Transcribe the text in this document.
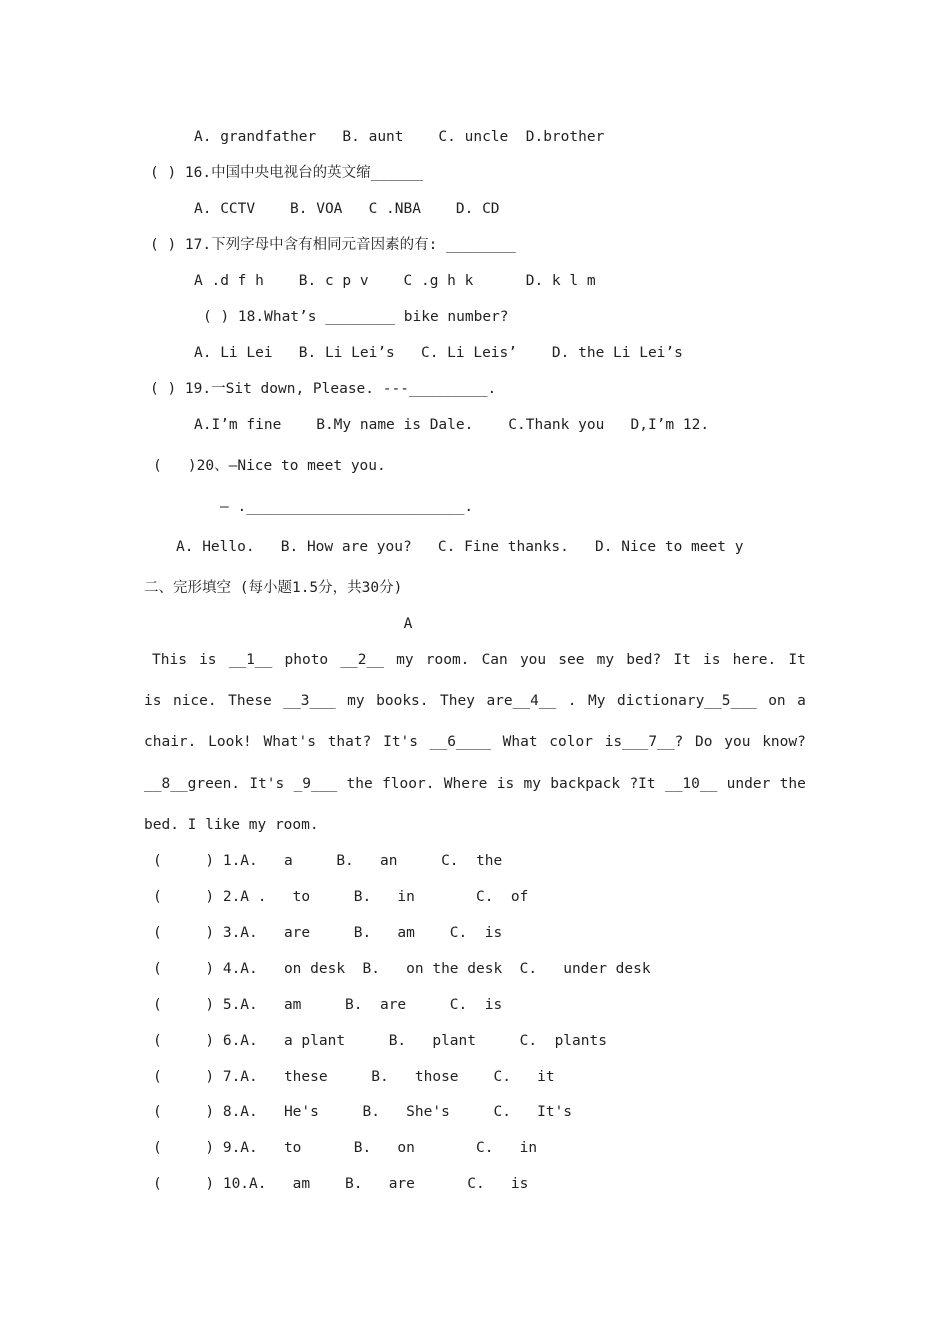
A. grandfather   B. aunt    C. uncle  D.brother
( ) 16.中国中央电视台的英文缩______
A. CCTV    B. VOA   C .NBA    D. CD
( ) 17.下列字母中含有相同元音因素的有: ________
A .d f h    B. c p v    C .g h k      D. k l m
( ) 18.What’s ________ bike number?
A. Li Lei   B. Li Lei’s   C. Li Leis’    D. the Li Lei’s
( ) 19.一Sit down, Please. ---_________.
A.I’m fine    B.My name is Dale.    C.Thank you   D,I’m 12.
(   )20、—Nice to meet you.
— ._________________________.
A. Hello.   B. How are you?   C. Fine thanks.   D. Nice to meet y
二、完形填空 (每小题1.5分，共30分)
A
This is __1__ photo __2__ my room. Can you see my bed? It is here. It
is nice. These __3___ my books. They are__4__ . My dictionary__5___ on a
chair. Look! What's that? It's __6____ What color is___7__? Do you know?
__8__green. It's _9___ the floor. Where is my backpack ?It __10__ under the
bed. I like my room.
(     ) 1.A.   a     B.   an     C.  the
(     ) 2.A .   to     B.   in       C.  of
(     ) 3.A.   are     B.   am    C.  is
(     ) 4.A.   on desk  B.   on the desk  C.   under desk
(     ) 5.A.   am     B.  are     C.  is
(     ) 6.A.   a plant     B.   plant     C.  plants
(     ) 7.A.   these     B.   those    C.   it
(     ) 8.A.   He's     B.   She's     C.   It's
(     ) 9.A.   to      B.   on       C.   in
(     ) 10.A.   am    B.   are      C.   is
